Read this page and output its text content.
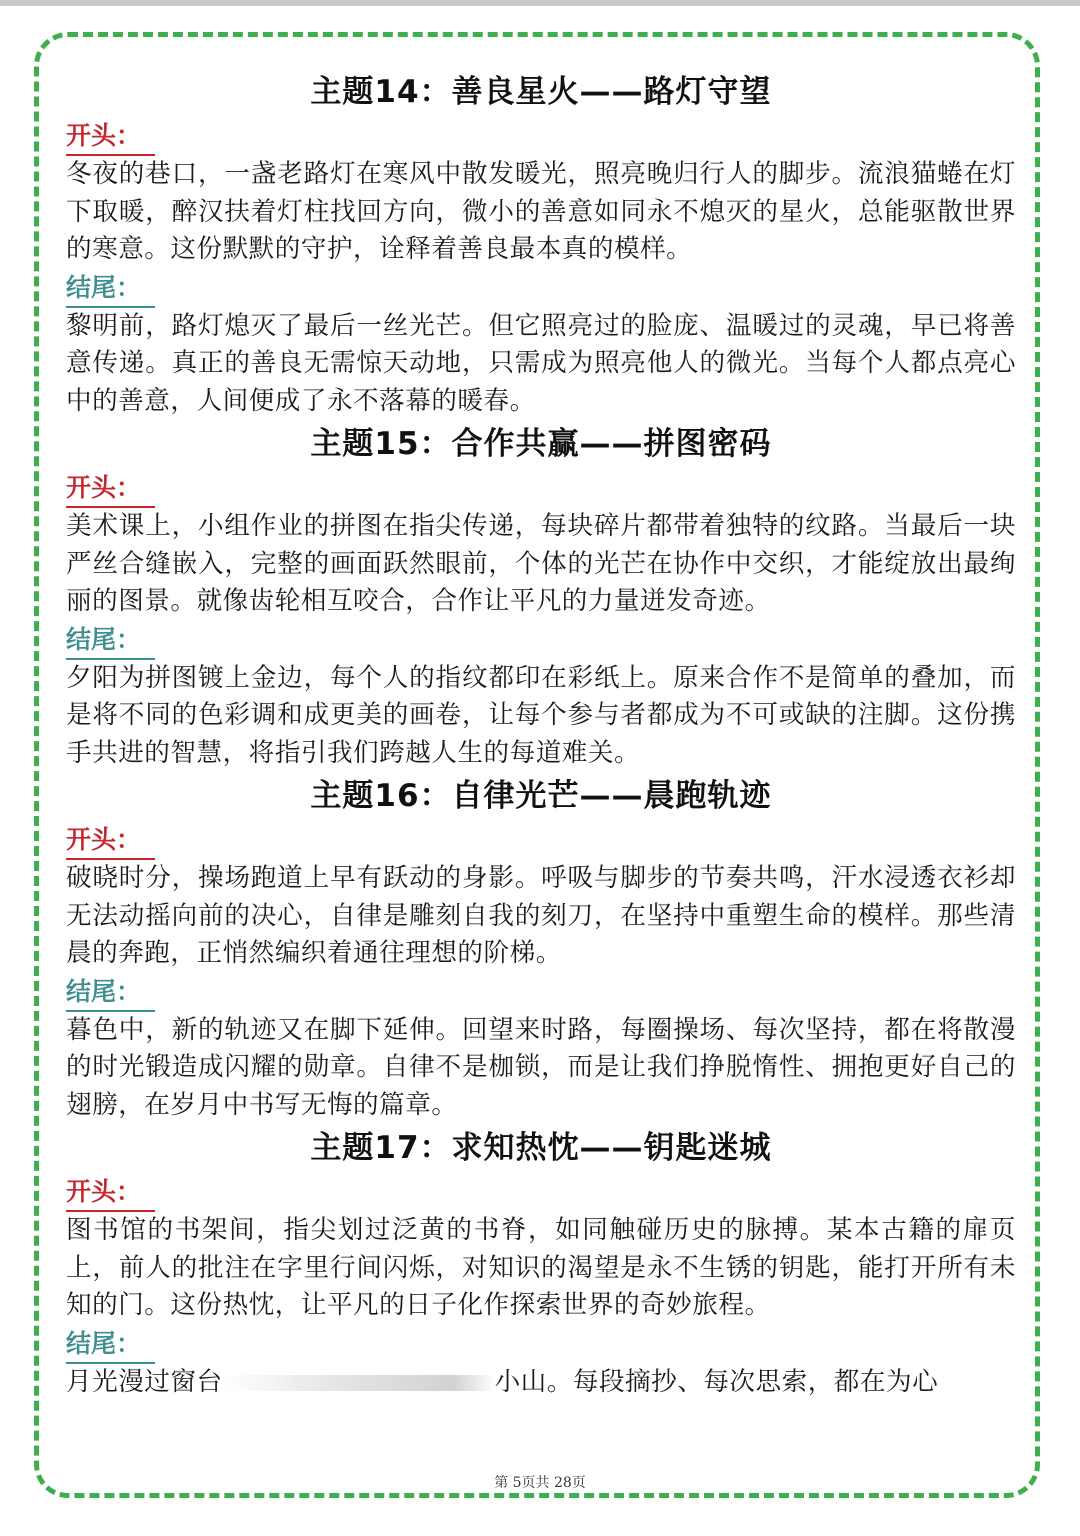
主题14：善良星火——路灯守望
开头：

冬夜的巷口，一盏老路灯在寒风中散发暖光，照亮晚归行人的脚步。流浪猫蜷在灯下取暖，醉汉扶着灯柱找回方向，微小的善意如同永不熄灭的星火，总能驱散世界的寒意。这份默默的守护，诠释着善良最本真的模样。

结尾：

黎明前，路灯熄灭了最后一丝光芒。但它照亮过的脸庞、温暖过的灵魂，早已将善意传递。真正的善良无需惊天动地，只需成为照亮他人的微光。当每个人都点亮心中的善意，人间便成了永不落幕的暖春。

主题15：合作共赢——拼图密码
开头：

美术课上，小组作业的拼图在指尖传递，每块碎片都带着独特的纹路。当最后一块严丝合缝嵌入，完整的画面跃然眼前，个体的光芒在协作中交织，才能绽放出最绚丽的图景。就像齿轮相互咬合，合作让平凡的力量迸发奇迹。

结尾：

夕阳为拼图镀上金边，每个人的指纹都印在彩纸上。原来合作不是简单的叠加，而是将不同的色彩调和成更美的画卷，让每个参与者都成为不可或缺的注脚。这份携手共进的智慧，将指引我们跨越人生的每道难关。

主题16：自律光芒——晨跑轨迹
开头：

破晓时分，操场跑道上早有跃动的身影。呼吸与脚步的节奏共鸣，汗水浸透衣衫却无法动摇向前的决心，自律是雕刻自我的刻刀，在坚持中重塑生命的模样。那些清晨的奔跑，正悄然编织着通往理想的阶梯。

结尾：

暮色中，新的轨迹又在脚下延伸。回望来时路，每圈操场、每次坚持，都在将散漫的时光锻造成闪耀的勋章。自律不是枷锁，而是让我们挣脱惰性、拥抱更好自己的翅膀，在岁月中书写无悔的篇章。

主题17：求知热忱——钥匙迷城
开头：

图书馆的书架间，指尖划过泛黄的书脊，如同触碰历史的脉搏。某本古籍的扉页上，前人的批注在字里行间闪烁，对知识的渴望是永不生锈的钥匙，能打开所有未知的门。这份热忱，让平凡的日子化作探索世界的奇妙旅程。

结尾：

月光漫过窗台	小山。每段摘抄、每次思索，都在为心

第 5页共 28页
